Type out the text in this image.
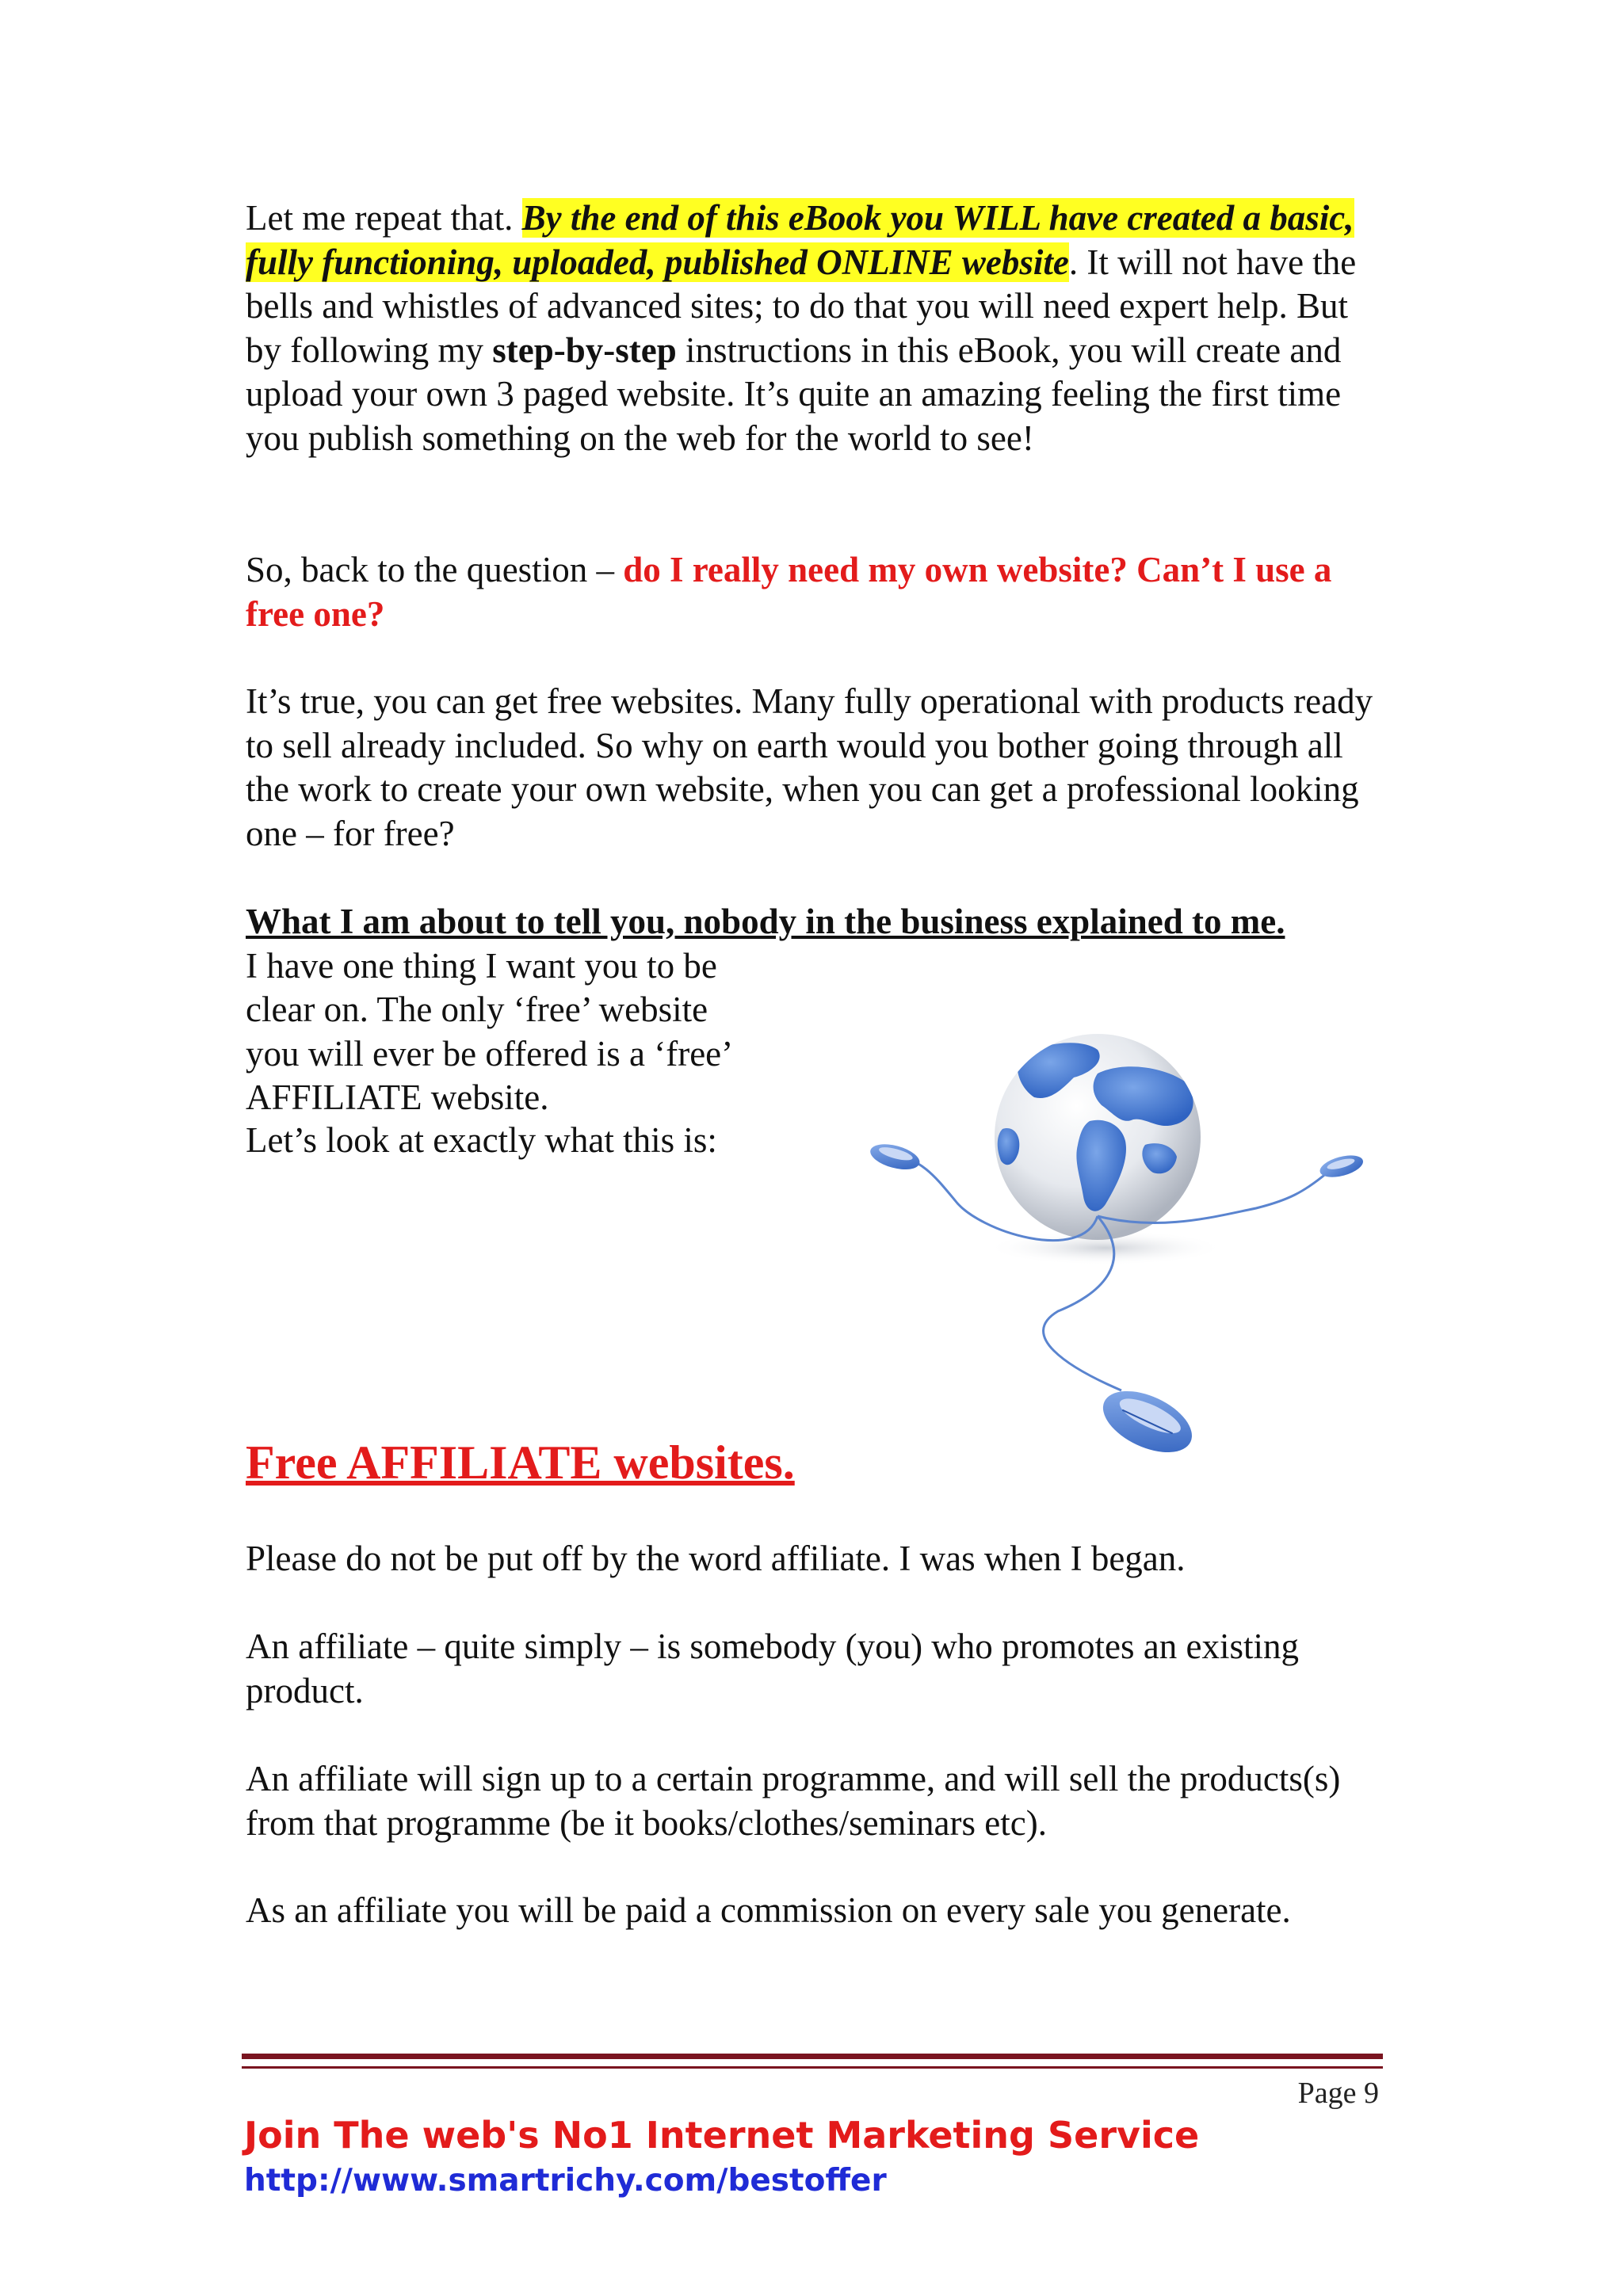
Let me repeat that. By the end of this eBook you WILL have created a basic, fully functioning, uploaded, published ONLINE website. It will not have the bells and whistles of advanced sites; to do that you will need expert help. But by following my step-by-step instructions in this eBook, you will create and upload your own 3 paged website. It’s quite an amazing feeling the first time you publish something on the web for the world to see!
So, back to the question – do I really need my own website? Can’t I use a free one?
It’s true, you can get free websites. Many fully operational with products ready to sell already included. So why on earth would you bother going through all the work to create your own website, when you can get a professional looking one – for free?
What I am about to tell you, nobody in the business explained to me.
I have one thing I want you to be clear on. The only ‘free’ website you will ever be offered is a ‘free’
AFFILIATE website.
Let’s look at exactly what this is:
Free AFFILIATE websites.
Please do not be put off by the word affiliate. I was when I began.
An affiliate – quite simply – is somebody (you) who promotes an existing product.
An affiliate will sign up to a certain programme, and will sell the products(s) from that programme (be it books/clothes/seminars etc).
As an affiliate you will be paid a commission on every sale you generate.
Page 9
Join The web's No1 Internet Marketing Service
http://www.smartrichy.com/bestoffer
